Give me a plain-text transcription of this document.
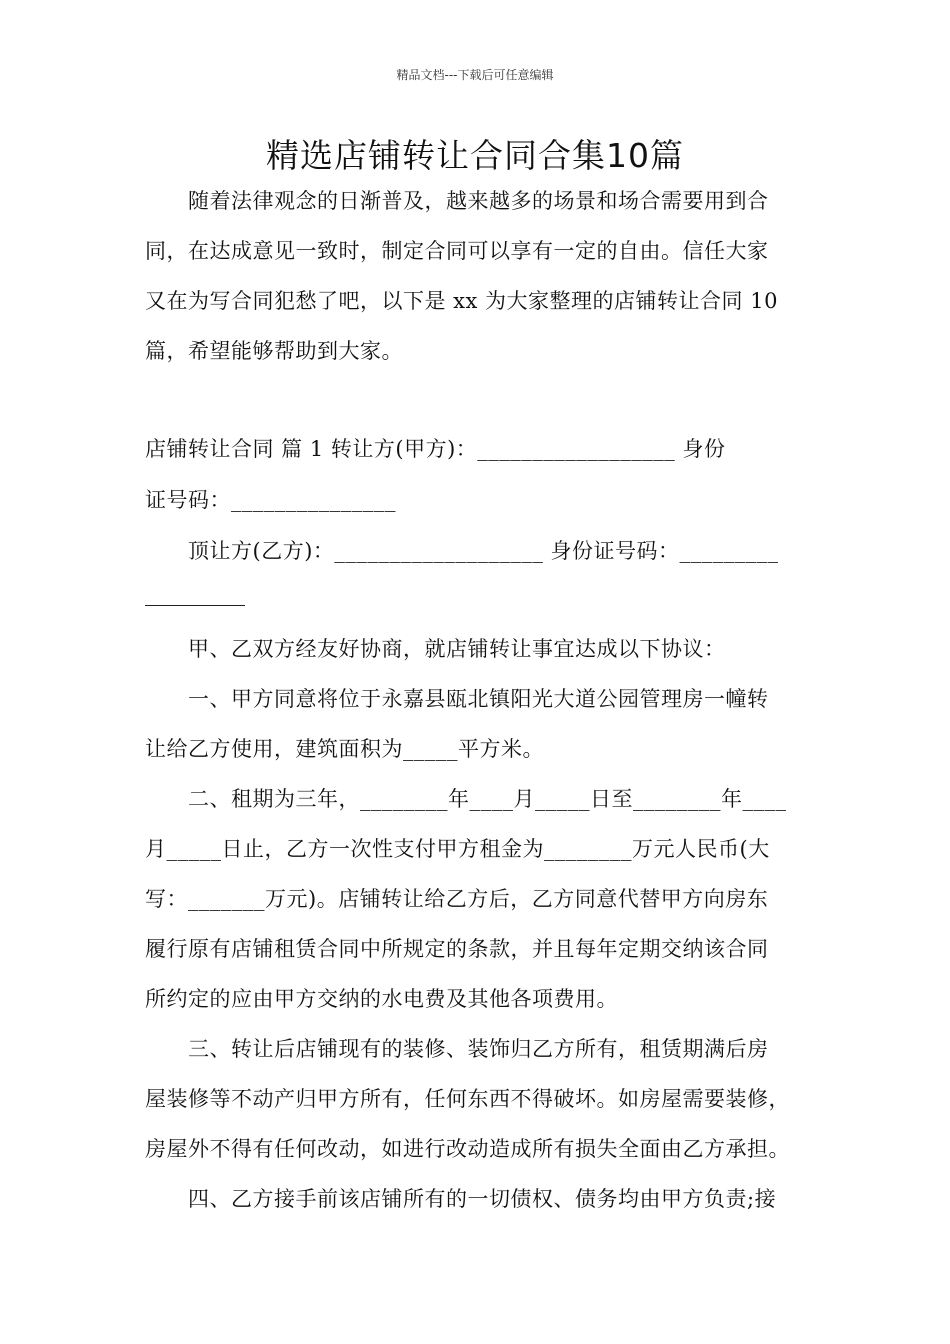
精品文档---下载后可任意编辑
精选店铺转让合同合集10篇
随着法律观念的日渐普及，越来越多的场景和场合需要用到合
同，在达成意见一致时，制定合同可以享有一定的自由。信任大家
又在为写合同犯愁了吧，以下是 xx 为大家整理的店铺转让合同 10
篇，希望能够帮助到大家。
店铺转让合同 篇 1 转让方(甲方)：__________________ 身份
证号码：_______________
顶让方(乙方)：___________________ 身份证号码：_________
甲、乙双方经友好协商，就店铺转让事宜达成以下协议：
一、甲方同意将位于永嘉县瓯北镇阳光大道公园管理房一幢转
让给乙方使用，建筑面积为_____平方米。
二、租期为三年，________年____月_____日至________年____
月_____日止，乙方一次性支付甲方租金为________万元人民币(大
写：_______万元)。店铺转让给乙方后，乙方同意代替甲方向房东
履行原有店铺租赁合同中所规定的条款，并且每年定期交纳该合同
所约定的应由甲方交纳的水电费及其他各项费用。
三、转让后店铺现有的装修、装饰归乙方所有，租赁期满后房
屋装修等不动产归甲方所有，任何东西不得破坏。如房屋需要装修，
房屋外不得有任何改动，如进行改动造成所有损失全面由乙方承担。
四、乙方接手前该店铺所有的一切债权、债务均由甲方负责;接
